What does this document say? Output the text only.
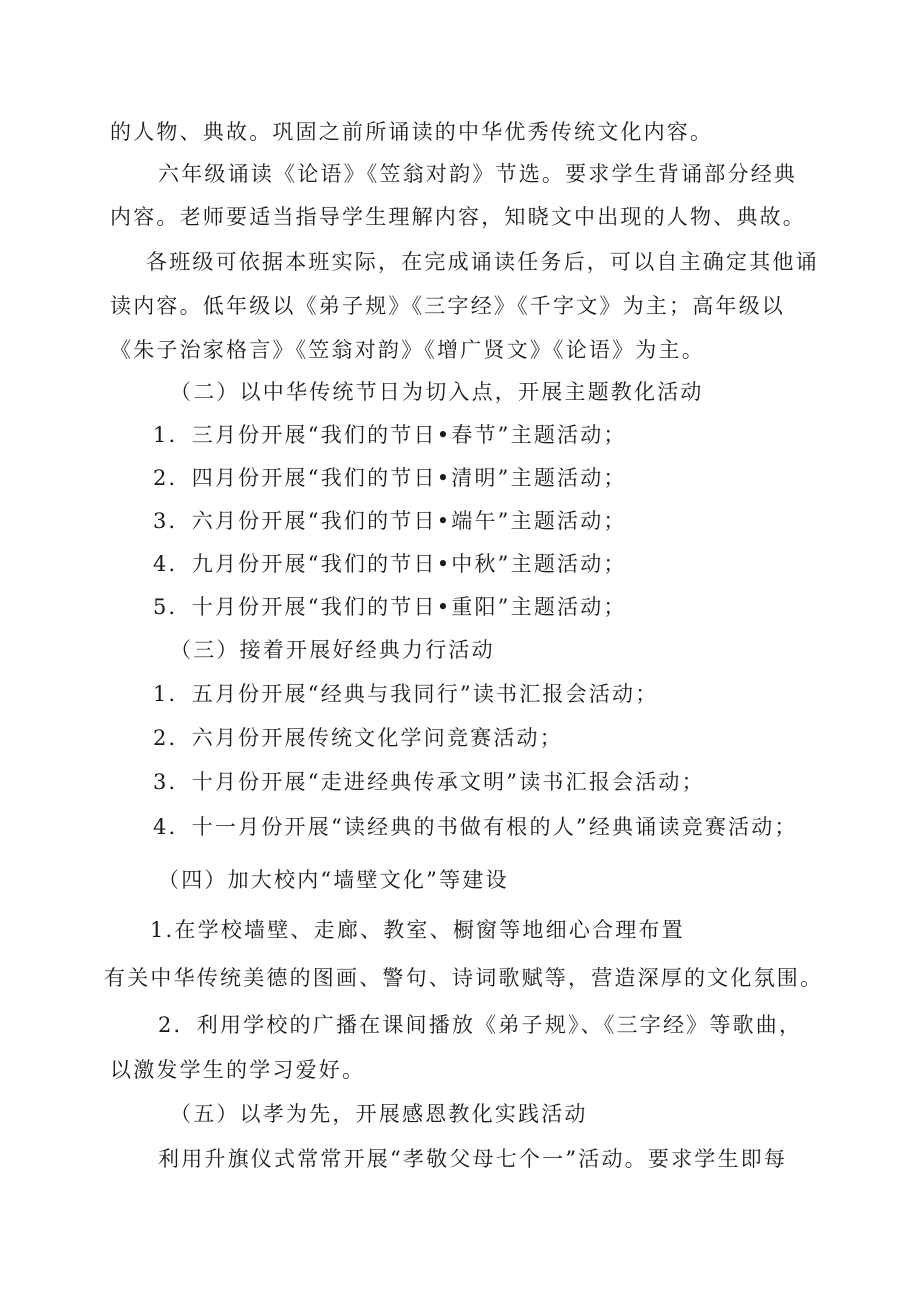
的人物、典故。巩固之前所诵读的中华优秀传统文化内容。
六年级诵读《论语》《笠翁对韵》节选。要求学生背诵部分经典
内容。老师要适当指导学生理解内容，知晓文中出现的人物、典故。
各班级可依据本班实际，在完成诵读任务后，可以自主确定其他诵
读内容。低年级以《弟子规》《三字经》《千字文》为主；高年级以
《朱子治家格言》《笠翁对韵》《增广贤文》《论语》为主。
（二）以中华传统节日为切入点，开展主题教化活动
1．三月份开展“我们的节日•春节”主题活动；
2．四月份开展“我们的节日•清明”主题活动；
3．六月份开展“我们的节日•端午”主题活动；
4．九月份开展“我们的节日•中秋”主题活动；
5．十月份开展“我们的节日•重阳”主题活动；
（三）接着开展好经典力行活动
1．五月份开展“经典与我同行”读书汇报会活动；
2．六月份开展传统文化学问竞赛活动；
3．十月份开展“走进经典传承文明”读书汇报会活动；
4．十一月份开展“读经典的书做有根的人”经典诵读竞赛活动；
（四）加大校内“墙壁文化”等建设
1.在学校墙壁、走廊、教室、橱窗等地细心合理布置
有关中华传统美德的图画、警句、诗词歌赋等，营造深厚的文化氛围。
2．利用学校的广播在课间播放《弟子规》、《三字经》等歌曲，
以激发学生的学习爱好。
（五）以孝为先，开展感恩教化实践活动
利用升旗仪式常常开展“孝敬父母七个一”活动。要求学生即每
